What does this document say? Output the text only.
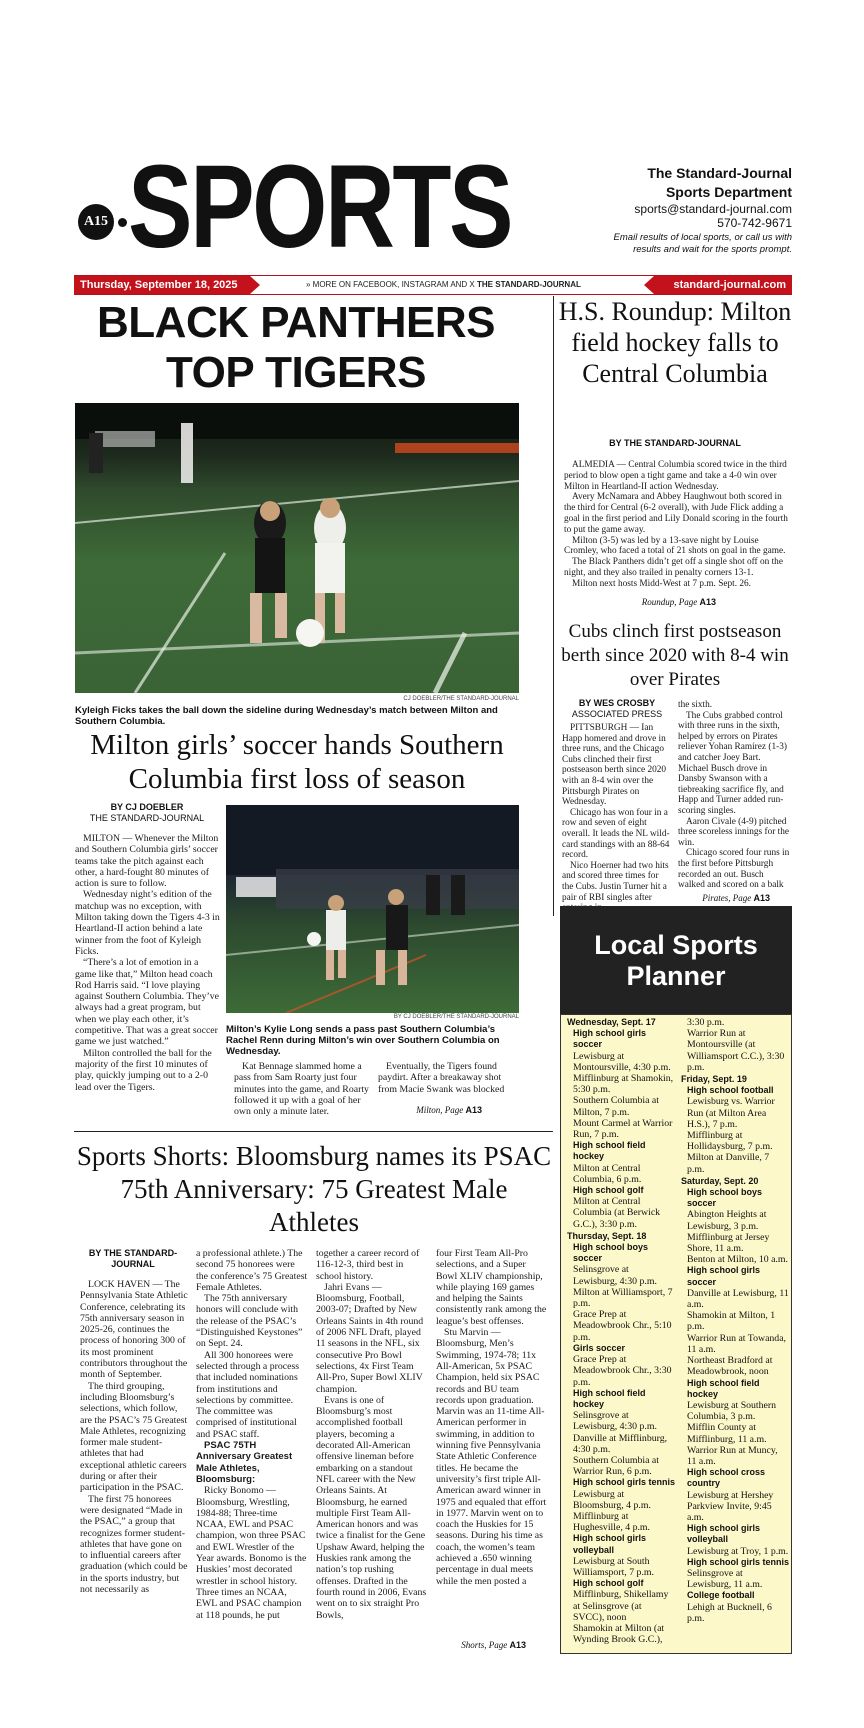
A15 SPORTS	The Standard-Journal
Sports Department
sports@standard-journal.com
570-742-9671
Email results of local sports, or call us with
results and wait for the sports prompt.
Thursday, September 18, 2025	» MORE ON FACEBOOK, INSTAGRAM AND X THE STANDARD-JOURNAL	standard-journal.com
BLACK PANTHERS
TOP TIGERS
CJ DOEBLER/THE STANDARD-JOURNAL
Kyleigh Ficks takes the ball down the sideline during Wednesday’s match between Milton and Southern Columbia.
Milton girls’ soccer hands Southern Columbia first loss of season
BY CJ DOEBLER
THE STANDARD-JOURNAL

MILTON — Whenever the Milton and Southern Columbia girls’ soccer teams take the pitch against each other, a hard-fought 80 minutes of action is sure to follow.

Wednesday night’s edition of the matchup was no exception, with Milton taking down the Tigers 4-3 in Heartland-II action behind a late winner from the foot of Kyleigh Ficks.

“There’s a lot of emotion in a game like that,” Milton head coach Rod Harris said. “I love playing against Southern Columbia. They’ve always had a great program, but when we play each other, it’s competitive. That was a great soccer game we just watched.”

Milton controlled the ball for the majority of the first 10 minutes of play, quickly jumping out to a 2-0 lead over the Tigers.

BY CJ DOEBLER/THE STANDARD-JOURNAL
Milton’s Kylie Long sends a pass past Southern Columbia’s Rachel Renn during Milton’s win over Southern Columbia on Wednesday.

Kat Bennage slammed home a pass from Sam Roarty just four minutes into the game, and Roarty followed it up with a goal of her own only a minute later.

Eventually, the Tigers found paydirt. After a breakaway shot from Macie Swank was blocked

Milton, Page A13
H.S. Roundup: Milton field hockey falls to Central Columbia
BY THE STANDARD-JOURNAL

ALMEDIA — Central Columbia scored twice in the third period to blow open a tight game and take a 4-0 win over Milton in Heartland-II action Wednesday.

Avery McNamara and Abbey Haughwout both scored in the third for Central (6-2 overall), with Jude Flick adding a goal in the first period and Lily Donald scoring in the fourth to put the game away.

Milton (3-5) was led by a 13-save night by Louise Cromley, who faced a total of 21 shots on goal in the game.

The Black Panthers didn’t get off a single shot off on the night, and they also trailed in penalty corners 13-1.

Milton next hosts Midd-West at 7 p.m. Sept. 26.

Roundup, Page A13
Cubs clinch first postseason berth since 2020 with 8-4 win over Pirates
BY WES CROSBY
ASSOCIATED PRESS

PITTSBURGH — Ian Happ homered and drove in three runs, and the Chicago Cubs clinched their first postseason berth since 2020 with an 8-4 win over the Pittsburgh Pirates on Wednesday.

Chicago has won four in a row and seven of eight overall. It leads the NL wild-card standings with an 88-64 record.

Nico Hoerner had two hits and scored three times for the Cubs. Justin Turner hit a pair of RBI singles after

the sixth.

The Cubs grabbed control with three runs in the sixth, helped by errors on Pirates reliever Yohan Ramírez (1-3) and catcher Joey Bart. Michael Busch drove in Dansby Swanson with a tiebreaking sacrifice fly, and Happ and Turner added run-scoring singles.

Aaron Civale (4-9) pitched three scoreless innings for the win.

Chicago scored four runs in the first before Pittsburgh recorded an out. Busch walked and scored on a balk

Pirates, Page A13
Sports Shorts: Bloomsburg names its PSAC 75th Anniversary: 75 Greatest Male Athletes
BY THE STANDARD-JOURNAL

LOCK HAVEN — The Pennsylvania State Athletic Conference, celebrating its 75th anniversary season in 2025-26, continues the process of honoring 300 of its most prominent contributors throughout the month of September.

The third grouping, including Bloomsburg’s selections, which follow, are the PSAC’s 75 Greatest Male Athletes, recognizing former male student-athletes that had exceptional athletic careers during or after their participation in the PSAC.

The first 75 honorees were designated “Made in the PSAC,” a group that recognizes former student-athletes that have gone on to influential careers after graduation (which could be in the sports industry, but not necessarily as

a professional athlete.) The second 75 honorees were the conference’s 75 Greatest Female Athletes.

The 75th anniversary honors will conclude with the release of the PSAC’s “Distinguished Keystones” on Sept. 24.

All 300 honorees were selected through a process that included nominations from institutions and selections by committee. The committee was comprised of institutional and PSAC staff.

PSAC 75TH Anniversary Greatest Male Athletes, Bloomsburg:

Ricky Bonomo — Bloomsburg, Wrestling, 1984-88; Three-time NCAA, EWL and PSAC champion, won three PSAC and EWL Wrestler of the Year awards. Bonomo is the Huskies’ most decorated wrestler in school history. Three times an NCAA, EWL and PSAC champion at 118 pounds, he put

together a career record of 116-12-3, third best in school history.

Jahri Evans — Bloomsburg, Football, 2003-07; Drafted by New Orleans Saints in 4th round of 2006 NFL Draft, played 11 seasons in the NFL, six consecutive Pro Bowl selections, 4x First Team All-Pro, Super Bowl XLIV champion.

Evans is one of Bloomsburg’s most accomplished football players, becoming a decorated All-American offensive lineman before embarking on a standout NFL career with the New Orleans Saints. At Bloomsburg, he earned multiple First Team All-American honors and was twice a finalist for the Gene Upshaw Award, helping the Huskies rank among the nation’s top rushing offenses. Drafted in the fourth round in 2006, Evans went on to six straight Pro Bowls,

four First Team All-Pro selections, and a Super Bowl XLIV championship, while playing 169 games and helping the Saints consistently rank among the league’s best offenses.

Stu Marvin — Bloomsburg, Men’s Swimming, 1974-78; 11x All-American, 5x PSAC Champion, held six PSAC records and BU team records upon graduation. Marvin was an 11-time All-American performer in swimming, in addition to winning five Pennsylvania State Athletic Conference titles. He became the university’s first triple All-American award winner in 1975 and equaled that effort in 1977. Marvin went on to coach the Huskies for 15 seasons. During his time as coach, the women’s team achieved a .650 winning percentage in dual meets while the men posted a

Shorts, Page A13
Local Sports
Planner
Wednesday, Sept. 17
High school girls soccer
Lewisburg at Montoursville, 4:30 p.m.
Mifflinburg at Shamokin, 5:30 p.m.
Southern Columbia at Milton, 7 p.m.
Mount Carmel at Warrior Run, 7 p.m.
High school field hockey
Milton at Central Columbia, 6 p.m.
High school golf
Milton at Central Columbia (at Berwick G.C.), 3:30 p.m.
Thursday, Sept. 18
High school boys soccer
Selinsgrove at Lewisburg, 4:30 p.m.
Milton at Williamsport, 7 p.m.
Grace Prep at Meadowbrook Chr., 5:10 p.m.
Girls soccer
Grace Prep at Meadowbrook Chr., 3:30 p.m.
High school field hockey
Selinsgrove at Lewisburg, 4:30 p.m.
Danville at Mifflinburg, 4:30 p.m.
Southern Columbia at Warrior Run, 6 p.m.
High school girls tennis
Lewisburg at Bloomsburg, 4 p.m.
Mifflinburg at Hughesville, 4 p.m.
High school girls volleyball
Lewisburg at South Williamsport, 7 p.m.
High school golf
Mifflinburg, Shikellamy at Selinsgrove (at SVCC), noon
Shamokin at Milton (at Wynding Brook G.C.),
3:30 p.m.
Warrior Run at Montoursville (at Williamsport C.C.), 3:30 p.m.
Friday, Sept. 19
High school football
Lewisburg vs. Warrior Run (at Milton Area H.S.), 7 p.m.
Mifflinburg at Hollidaysburg, 7 p.m.
Milton at Danville, 7 p.m.
Saturday, Sept. 20
High school boys soccer
Abington Heights at Lewisburg, 3 p.m.
Mifflinburg at Jersey Shore, 11 a.m.
Benton at Milton, 10 a.m.
High school girls soccer
Danville at Lewisburg, 11 a.m.
Shamokin at Milton, 1 p.m.
Warrior Run at Towanda, 11 a.m.
Northeast Bradford at Meadowbrook, noon
High school field hockey
Lewisburg at Southern Columbia, 3 p.m.
Mifflin County at Mifflinburg, 11 a.m.
Warrior Run at Muncy, 11 a.m.
High school cross country
Lewisburg at Hershey Parkview Invite, 9:45 a.m.
High school girls volleyball
Lewisburg at Troy, 1 p.m.
High school girls tennis
Selinsgrove at Lewisburg, 11 a.m.
College football
Lehigh at Bucknell, 6 p.m.
